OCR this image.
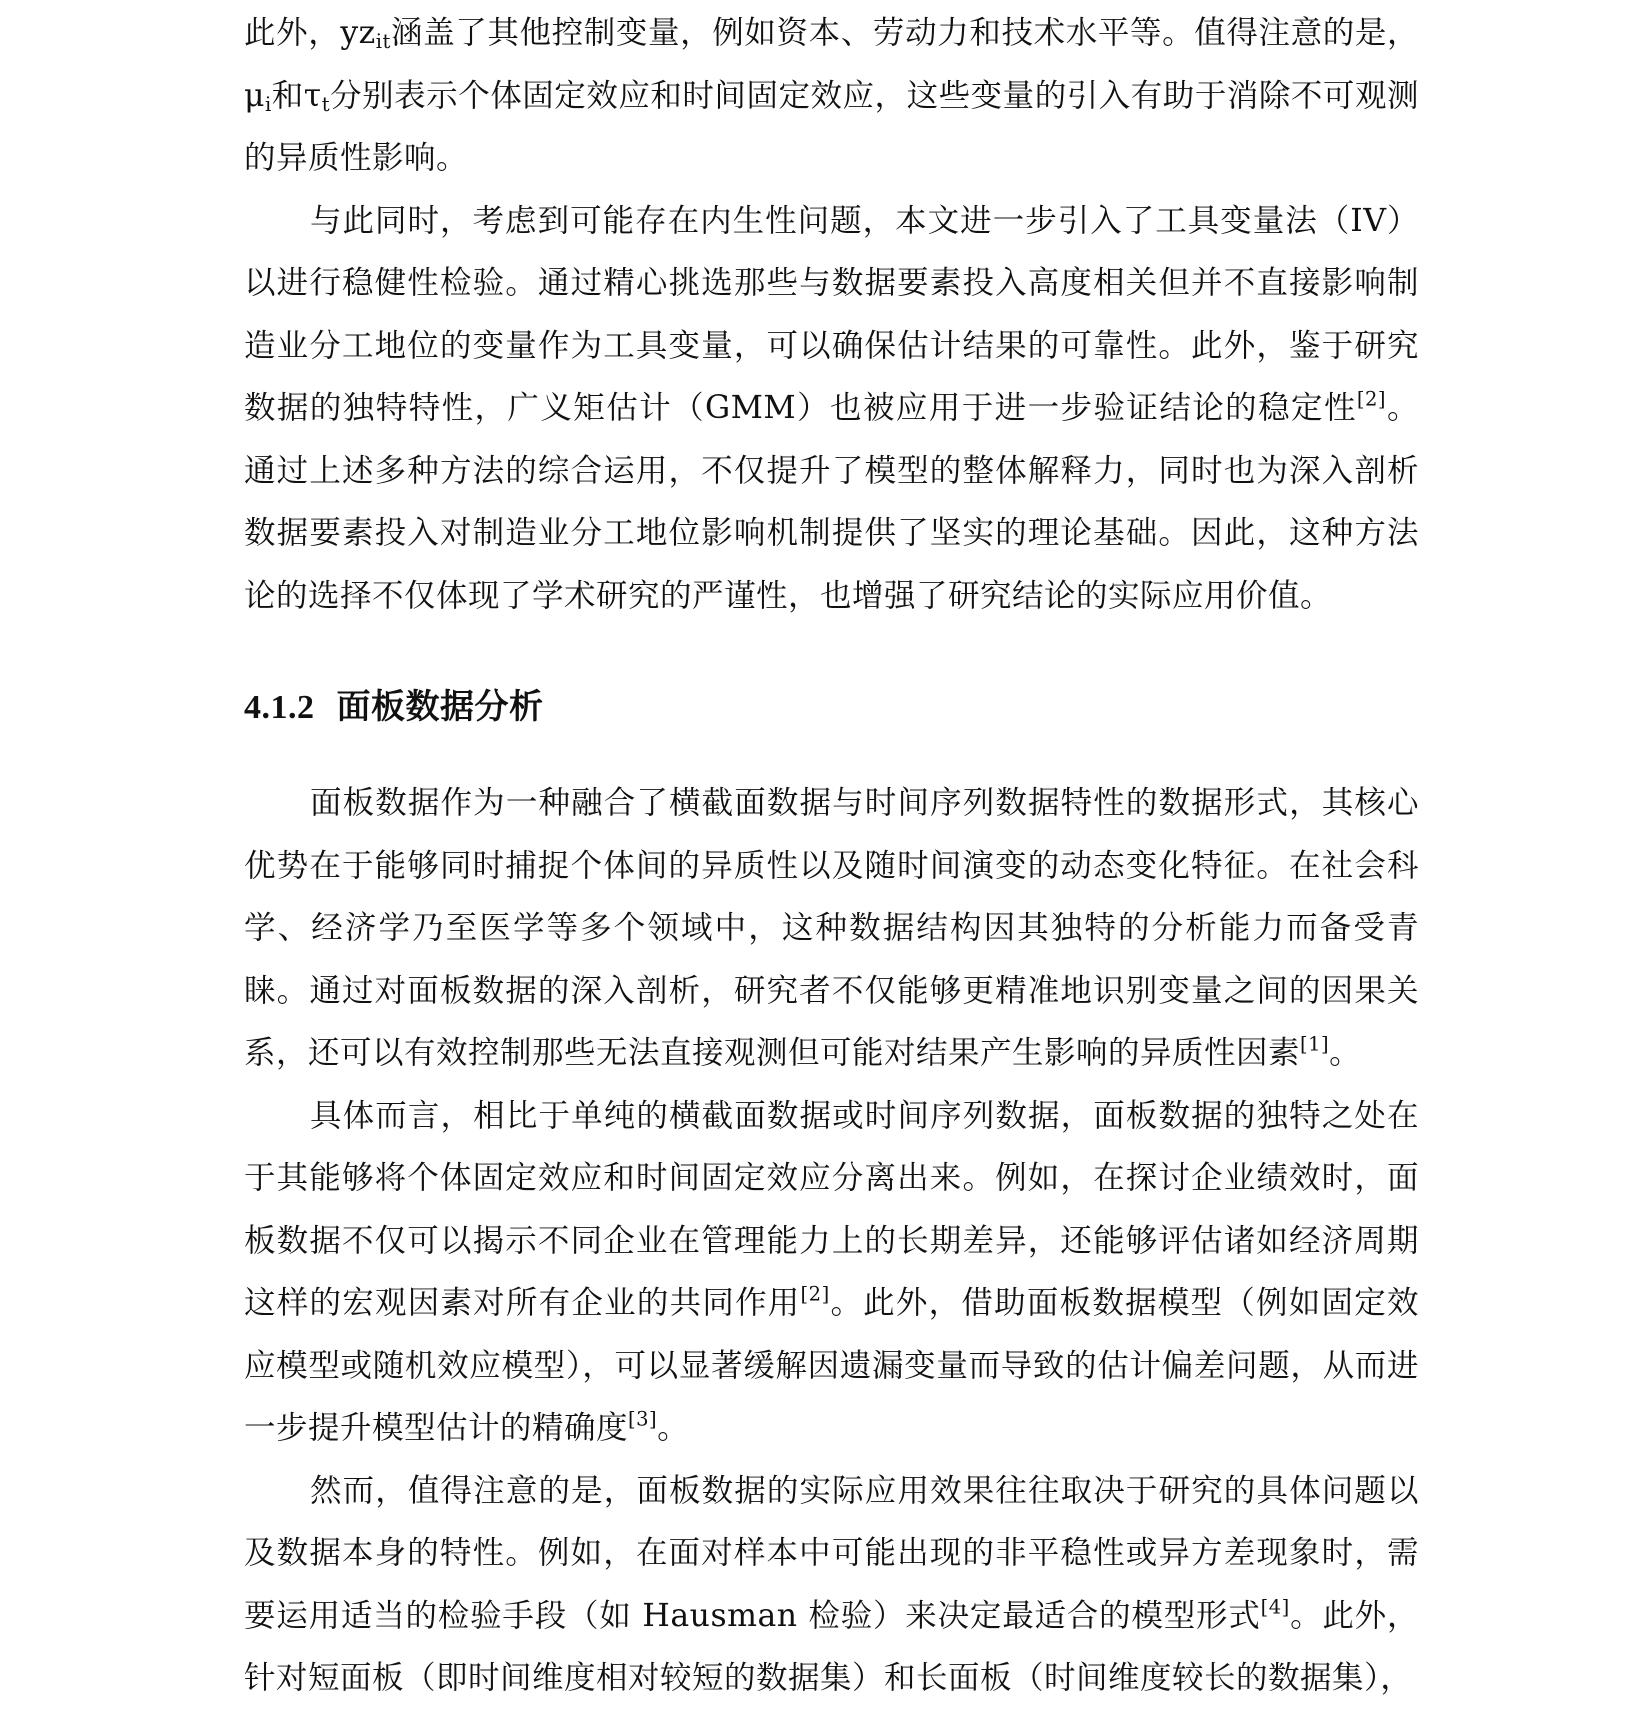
此外，$yz_{it}$涵盖了其他控制变量，例如资本、劳动力和技术水平等。值得注意的是，$\mu_i$和$\tau_t$分别表示个体固定效应和时间固定效应，这些变量的引入有助于消除不可观测的异质性影响。

与此同时，考虑到可能存在内生性问题，本文进一步引入了工具变量法（IV）以进行稳健性检验。通过精心挑选那些与数据要素投入高度相关但并不直接影响制造业分工地位的变量作为工具变量，可以确保估计结果的可靠性。此外，鉴于研究数据的独特特性，广义矩估计（GMM）也被应用于进一步验证结论的稳定性[2]。通过上述多种方法的综合运用，不仅提升了模型的整体解释力，同时也为深入剖析数据要素投入对制造业分工地位影响机制提供了坚实的理论基础。因此，这种方法论的选择不仅体现了学术研究的严谨性，也增强了研究结论的实际应用价值。

4.1.2 面板数据分析

面板数据作为一种融合了横截面数据与时间序列数据特性的数据形式，其核心优势在于能够同时捕捉个体间的异质性以及随时间演变的动态变化特征。在社会科学、经济学乃至医学等多个领域中，这种数据结构因其独特的分析能力而备受青睐。通过对面板数据的深入剖析，研究者不仅能够更精准地识别变量之间的因果关系，还可以有效控制那些无法直接观测但可能对结果产生影响的异质性因素[1]。

具体而言，相比于单纯的横截面数据或时间序列数据，面板数据的独特之处在于其能够将个体固定效应和时间固定效应分离出来。例如，在探讨企业绩效时，面板数据不仅可以揭示不同企业在管理能力上的长期差异，还能够评估诸如经济周期这样的宏观因素对所有企业的共同作用[2]。此外，借助面板数据模型（例如固定效应模型或随机效应模型），可以显著缓解因遗漏变量而导致的估计偏差问题，从而进一步提升模型估计的精确度[3]。

然而，值得注意的是，面板数据的实际应用效果往往取决于研究的具体问题以及数据本身的特性。例如，在面对样本中可能出现的非平稳性或异方差现象时，需要运用适当的检验手段（如 Hausman 检验）来决定最适合的模型形式[4]。此外，针对短面板（即时间维度相对较短的数据集）和长面板（时间维度较长的数据集），
